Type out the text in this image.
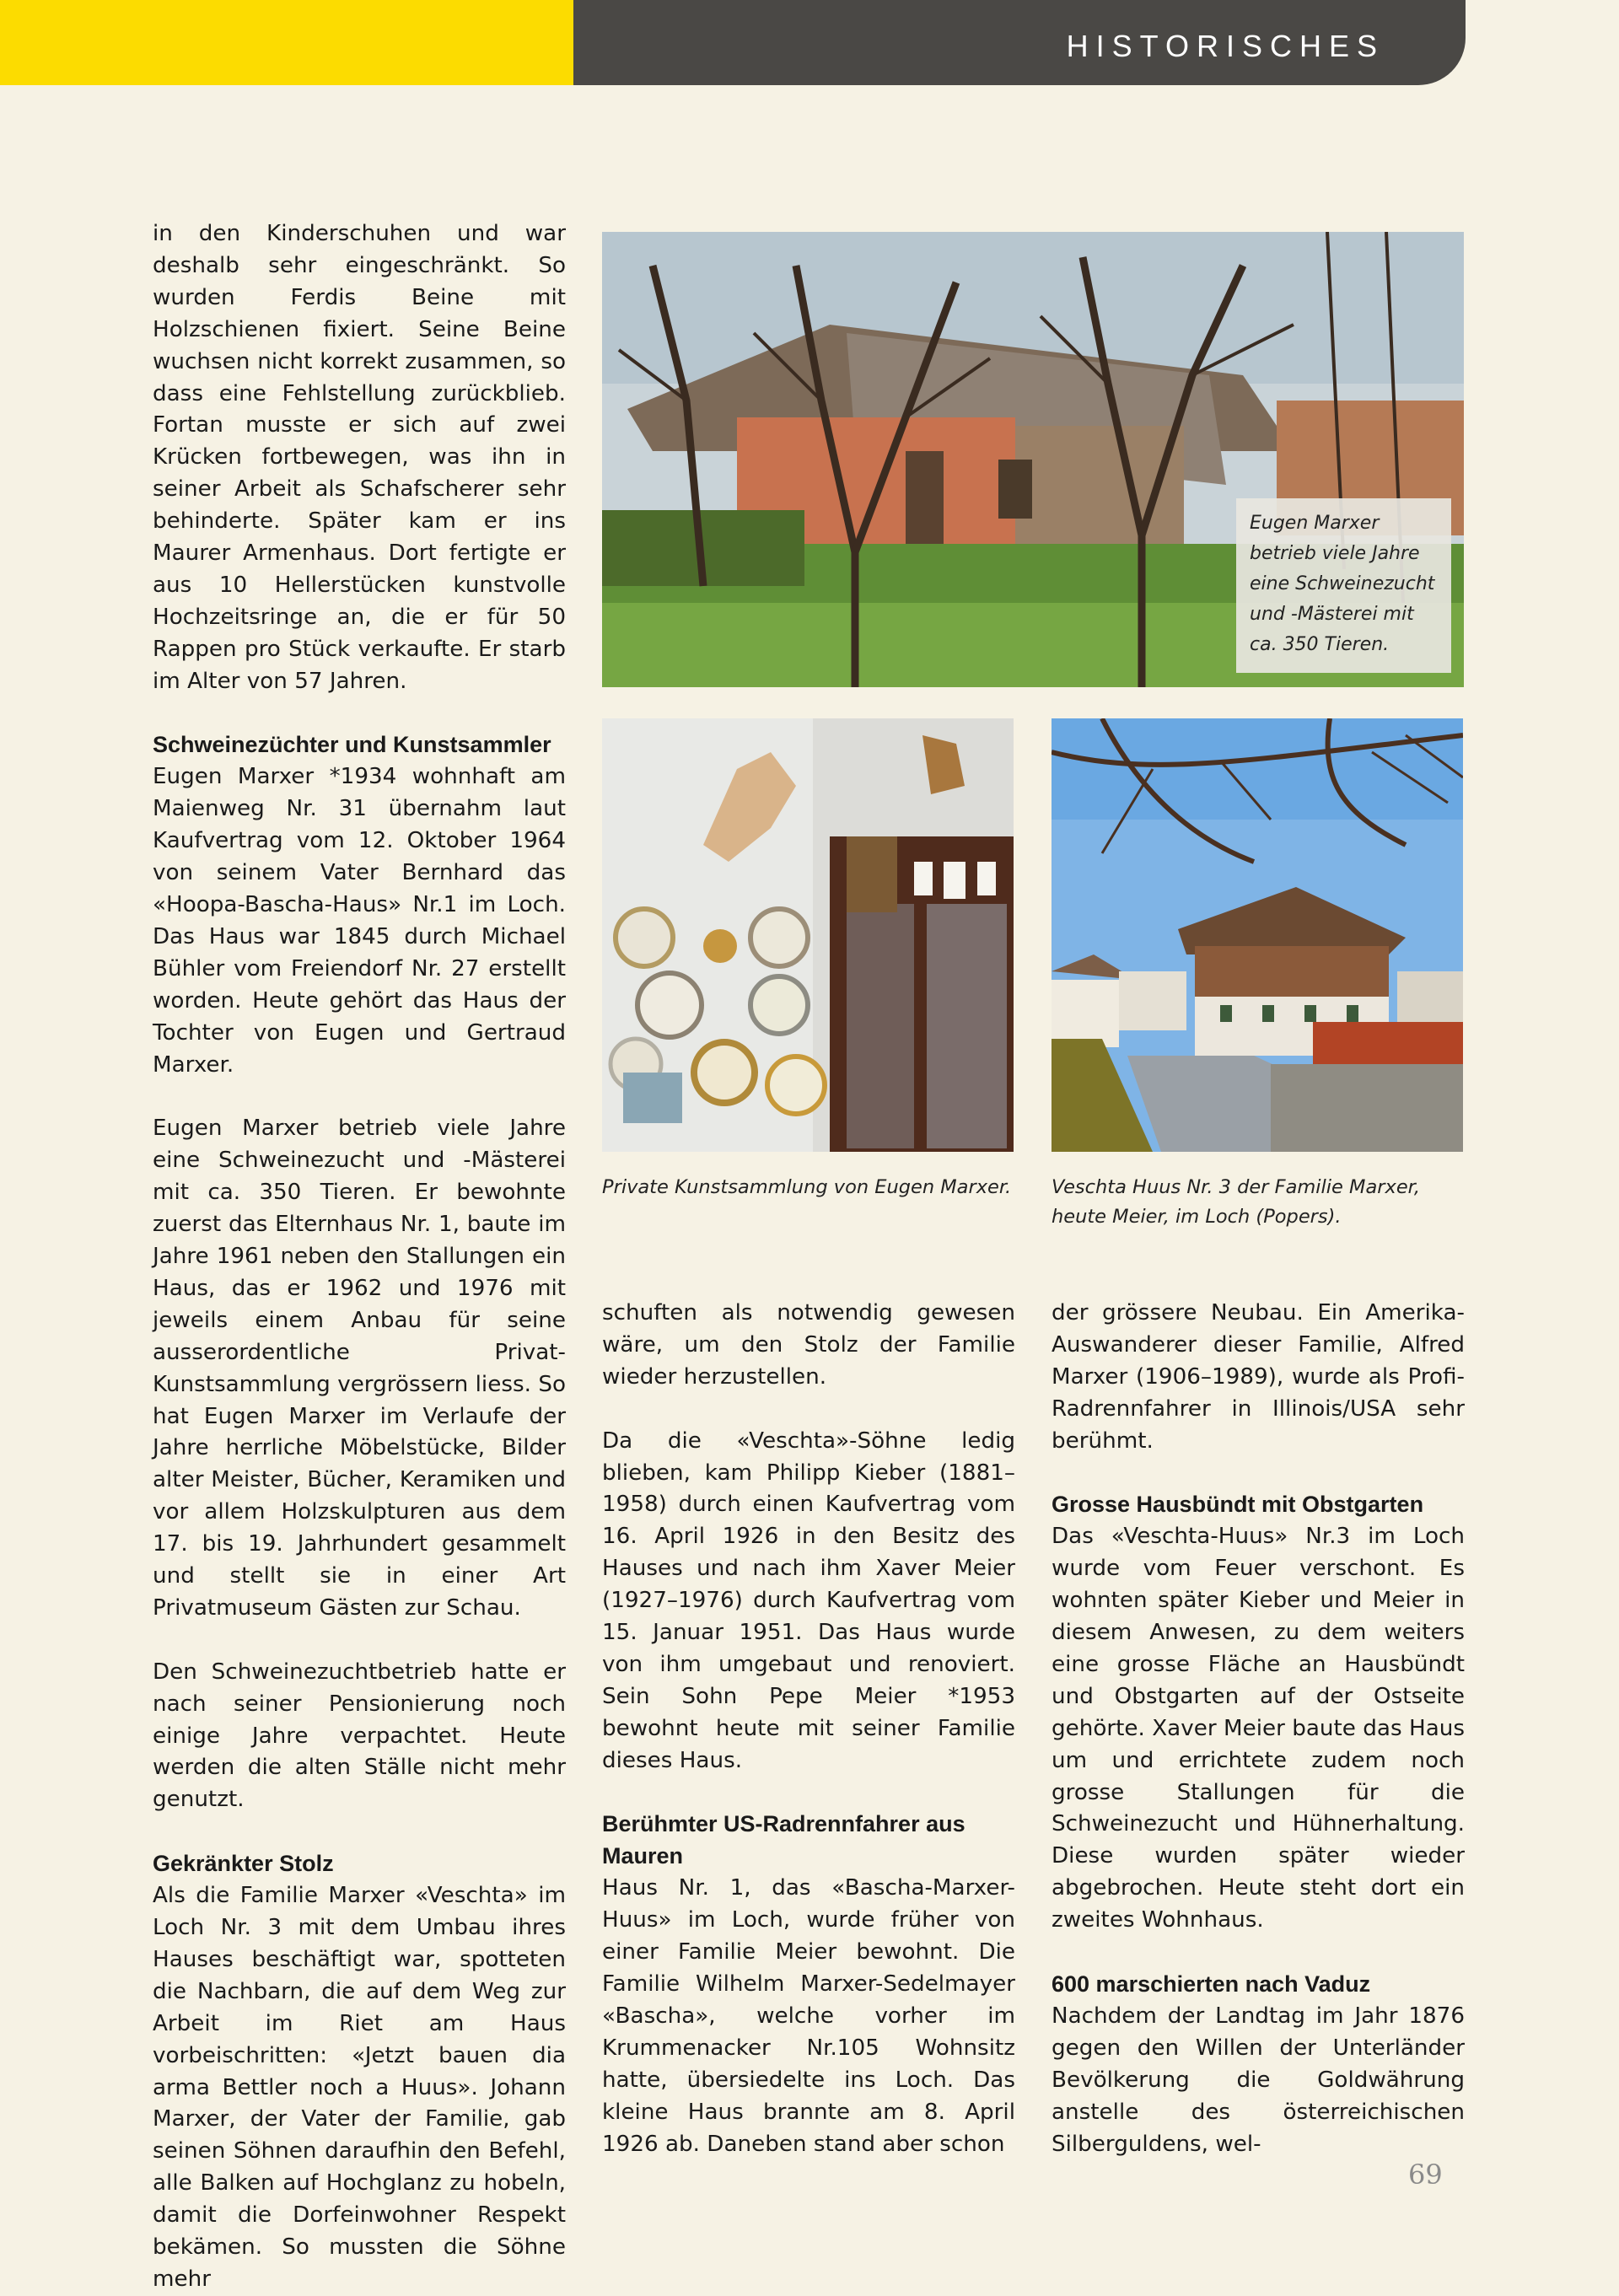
HISTORISCHES

in den Kinderschuhen und war deshalb sehr eingeschränkt. So wurden Ferdis Beine mit Holzschienen fixiert. Seine Beine wuchsen nicht korrekt zusammen, so dass eine Fehlstellung zurückblieb. Fortan musste er sich auf zwei Krücken fortbewegen, was ihn in seiner Arbeit als Schafscherer sehr behinderte. Später kam er ins Maurer Armenhaus. Dort fertigte er aus 10 Hellerstücken kunstvolle Hochzeitsringe an, die er für 50 Rappen pro Stück verkaufte. Er starb im Alter von 57 Jahren.

Schweinezüchter und Kunstsammler

Eugen Marxer *1934 wohnhaft am Maienweg Nr. 31 übernahm laut Kaufvertrag vom 12. Oktober 1964 von seinem Vater Bernhard das «Hoopa-Bascha-Haus» Nr.1 im Loch. Das Haus war 1845 durch Michael Bühler vom Freiendorf Nr. 27 erstellt worden. Heute gehört das Haus der Tochter von Eugen und Gertraud Marxer.

Eugen Marxer betrieb viele Jahre eine Schweinezucht und -Mästerei mit ca. 350 Tieren. Er bewohnte zuerst das Elternhaus Nr. 1, baute im Jahre 1961 neben den Stallungen ein Haus, das er 1962 und 1976 mit jeweils einem Anbau für seine ausserordentliche Privat-Kunstsammlung vergrössern liess. So hat Eugen Marxer im Verlaufe der Jahre herrliche Möbelstücke, Bilder alter Meister, Bücher, Keramiken und vor allem Holzskulpturen aus dem 17. bis 19. Jahrhundert gesammelt und stellt sie in einer Art Privatmuseum Gästen zur Schau.

Den Schweinezuchtbetrieb hatte er nach seiner Pensionierung noch einige Jahre verpachtet. Heute werden die alten Ställe nicht mehr genutzt.

Gekränkter Stolz

Als die Familie Marxer «Veschta» im Loch Nr. 3 mit dem Umbau ihres Hauses beschäftigt war, spotteten die Nachbarn, die auf dem Weg zur Arbeit im Riet am Haus vorbeischritten: «Jetzt bauen dia arma Bettler noch a Huus». Johann Marxer, der Vater der Familie, gab seinen Söhnen daraufhin den Befehl, alle Balken auf Hochglanz zu hobeln, damit die Dorfeinwohner Respekt bekämen. So mussten die Söhne mehr

Eugen Marxer betrieb viele Jahre eine Schweinezucht und -Mästerei mit ca. 350 Tieren.
Private Kunstsammlung von Eugen Marxer. Veschta Huus Nr. 3 der Familie Marxer, heute Meier, im Loch (Popers).

schuften als notwendig gewesen wäre, um den Stolz der Familie wieder herzustellen.

Da die «Veschta»-Söhne ledig blieben, kam Philipp Kieber (1881–1958) durch einen Kaufvertrag vom 16. April 1926 in den Besitz des Hauses und nach ihm Xaver Meier (1927–1976) durch Kaufvertrag vom 15. Januar 1951. Das Haus wurde von ihm umgebaut und renoviert. Sein Sohn Pepe Meier *1953 bewohnt heute mit seiner Familie dieses Haus.

Berühmter US-Radrennfahrer aus Mauren

Haus Nr. 1, das «Bascha-Marxer-Huus» im Loch, wurde früher von einer Familie Meier bewohnt. Die Familie Wilhelm Marxer-Sedelmayer «Bascha», welche vorher im Krummenacker Nr.105 Wohnsitz hatte, übersiedelte ins Loch. Das kleine Haus brannte am 8. April 1926 ab. Daneben stand aber schon

der grössere Neubau. Ein Amerika-Auswanderer dieser Familie, Alfred Marxer (1906–1989), wurde als Profi-Radrennfahrer in Illinois/USA sehr berühmt.

Grosse Hausbündt mit Obstgarten

Das «Veschta-Huus» Nr.3 im Loch wurde vom Feuer verschont. Es wohnten später Kieber und Meier in diesem Anwesen, zu dem weiters eine grosse Fläche an Hausbündt und Obstgarten auf der Ostseite gehörte. Xaver Meier baute das Haus um und errichtete zudem noch grosse Stallungen für die Schweinezucht und Hühnerhaltung. Diese wurden später wieder abgebrochen. Heute steht dort ein zweites Wohnhaus.

600 marschierten nach Vaduz

Nachdem der Landtag im Jahr 1876 gegen den Willen der Unterländer Bevölkerung die Goldwährung anstelle des österreichischen Silberguldens, wel-

69
